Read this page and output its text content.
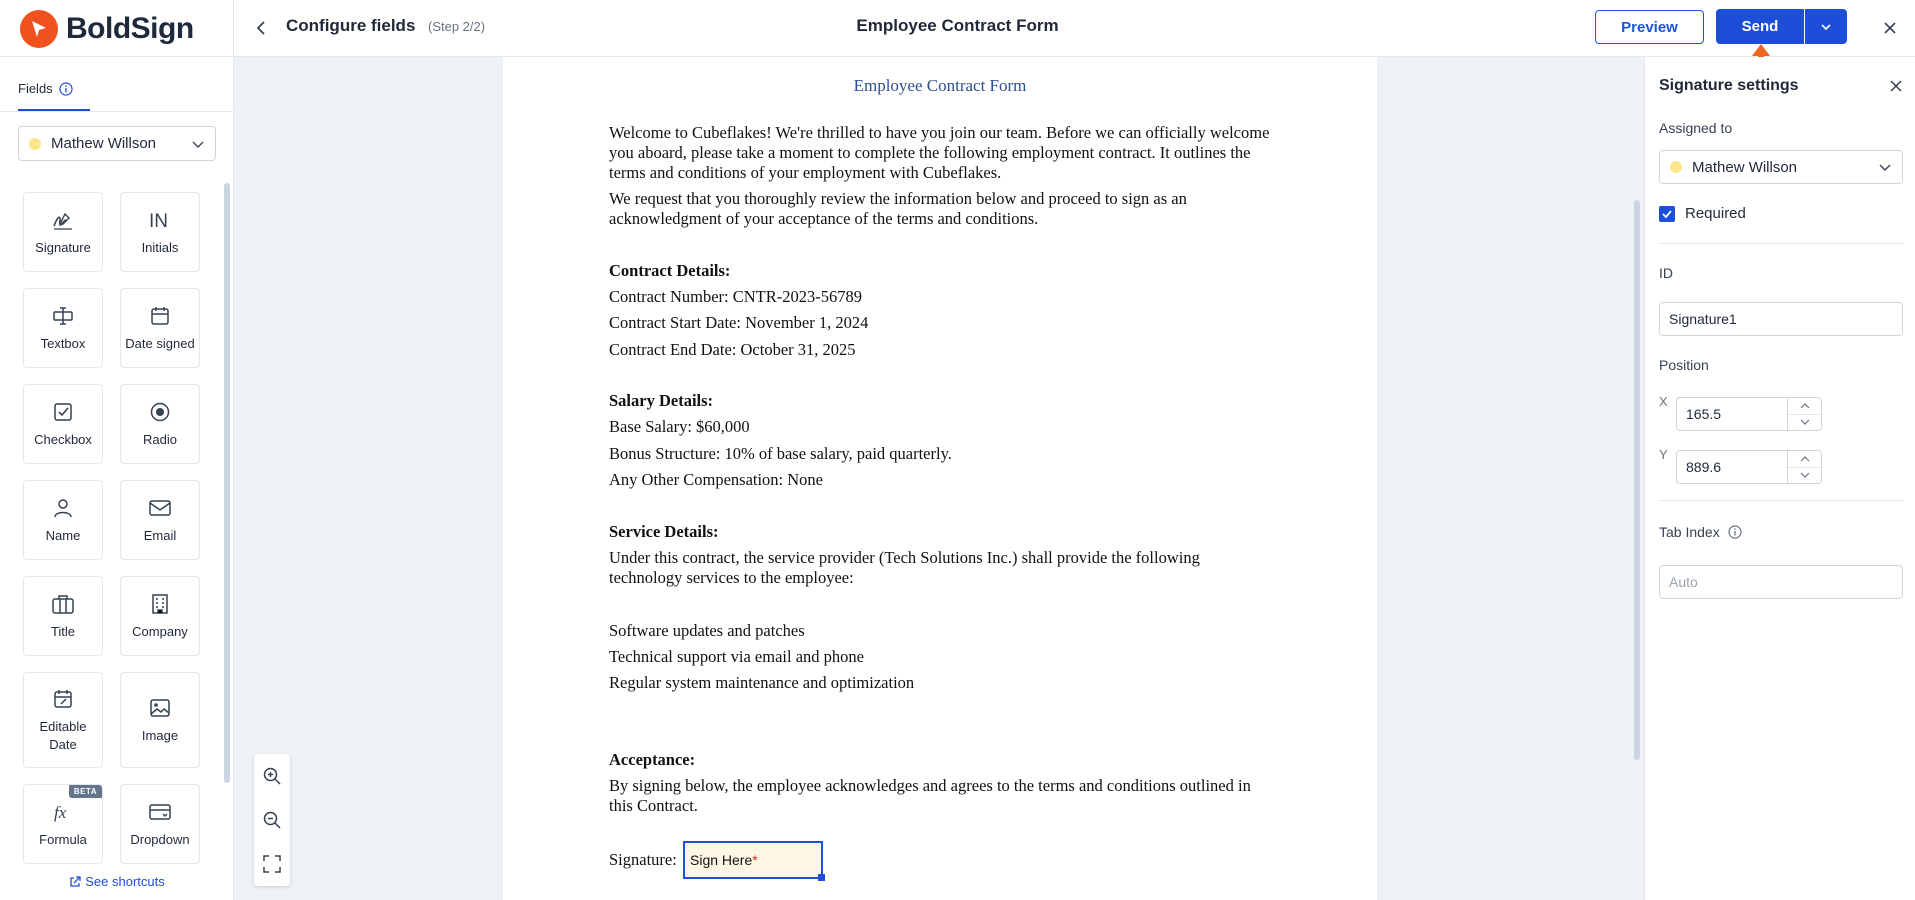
BoldSign	Configure fields (Step 2/2)	Employee Contract Form	Preview	Send
Fields
Mathew Willson
Signature
IN
Initials
Textbox	Date signed
Checkbox	Radio
Name	Email
Title	Company
Editable Date
Image
BETA
fx
Formula	Dropdown
See shortcuts
Employee Contract Form
Welcome to Cubeflakes! We're thrilled to have you join our team. Before we can officially welcome you aboard, please take a moment to complete the following employment contract. It outlines the terms and conditions of your employment with Cubeflakes.
We request that you thoroughly review the information below and proceed to sign as an acknowledgment of your acceptance of the terms and conditions.
Contract Details:
Contract Number: CNTR-2023-56789
Contract Start Date: November 1, 2024
Contract End Date: October 31, 2025
Salary Details:
Base Salary: $60,000
Bonus Structure: 10% of base salary, paid quarterly.
Any Other Compensation: None
Service Details:
Under this contract, the service provider (Tech Solutions Inc.) shall provide the following technology services to the employee:
Software updates and patches
Technical support via email and phone
Regular system maintenance and optimization
Acceptance:
By signing below, the employee acknowledges and agrees to the terms and conditions outlined in this Contract.
Signature: Sign Here *
Signature settings
Assigned to
Mathew Willson
Required
ID
Signature1
Position
X
165.5
Y
889.6
Tab Index
Auto
